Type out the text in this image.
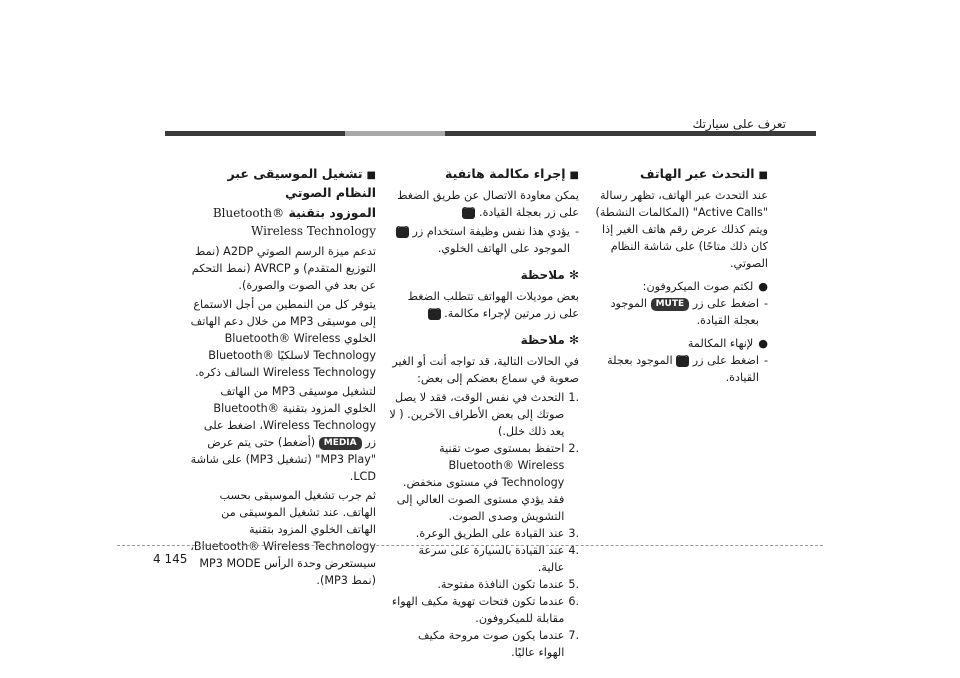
تعرف على سيارتك
■التحدث عبر الهاتف
عند التحدث عبر الهاتف، تظهر رسالة "Active Calls" (المكالمات النشطة) ويتم كذلك عرض رقم هاتف الغير إذا كان ذلك متاحًا) على شاشة النظام الصوتي.
●
لكتم صوت الميكروفون:
-
اضغط على زر MUTE الموجود بعجلة القيادة.
●
لإنهاء المكالمة
-
اضغط على زر ⌒ الموجود بعجلة القيادة.
■إجراء مكالمة هاتفية
يمكن معاودة الاتصال عن طريق الضغط على زر بعجلة القيادة. ⌒
-
يؤدي هذا نفس وظيفة استخدام زر ⌒ الموجود على الهاتف الخلوي.
✻ ملاحظة
بعض موديلات الهواتف تتطلب الضغط على زر مرتين لإجراء مكالمة. ⌒
✻ ملاحظة
في الحالات التالية، قد تواجه أنت أو الغير صعوبة في سماع بعضكم إلى بعض:
.1
التحدث في نفس الوقت، فقد لا يصل صوتك إلى بعض الأطراف الآخرين. ( لا يعد ذلك خلل.)
.2
احتفظ بمستوى صوت تقنية Bluetooth® Wireless Technology في مستوى منخفض. فقد يؤدي مستوى الصوت العالي إلى التشويش وصدى الصوت.
.3
عند القيادة على الطريق الوعرة.
.4
عند القيادة بالسيارة على سرعة عالية.
.5
عندما تكون النافذة مفتوحة.
.6
عندما تكون فتحات تهوية مكيف الهواء مقابلة للميكروفون.
.7
عندما يكون صوت مروحة مكيف الهواء عاليًا.
■تشغيل الموسيقى عبر النظام الصوتي
الموزود بتقنية Bluetooth® Wireless Technology
تدعم ميزة الرسم الصوتي A2DP (نمط التوزيع المتقدم) و AVRCP (نمط التحكم عن بعد في الصوت والصورة).
يتوفر كل من النمطين من أجل الاستماع إلى موسيقى MP3 من خلال دعم الهاتف الخلوي Bluetooth® Wireless Technology لاسلكيًا Bluetooth® Wireless Technology السالف ذكره.
لتشغيل موسيقى MP3 من الهاتف الخلوي المزود بتقنية Bluetooth® Wireless Technology، اضغط على زر MEDIA (أضغط) حتى يتم عرض "MP3 Play" (تشغيل MP3) على شاشة LCD.
ثم جرب تشغيل الموسيقى بحسب الهاتف. عند تشغيل الموسيقى من الهاتف الخلوي المزود بتقنية Bluetooth® Wireless Technology، سيستعرض وحدة الرأس MP3 MODE (نمط MP3).
4 145
